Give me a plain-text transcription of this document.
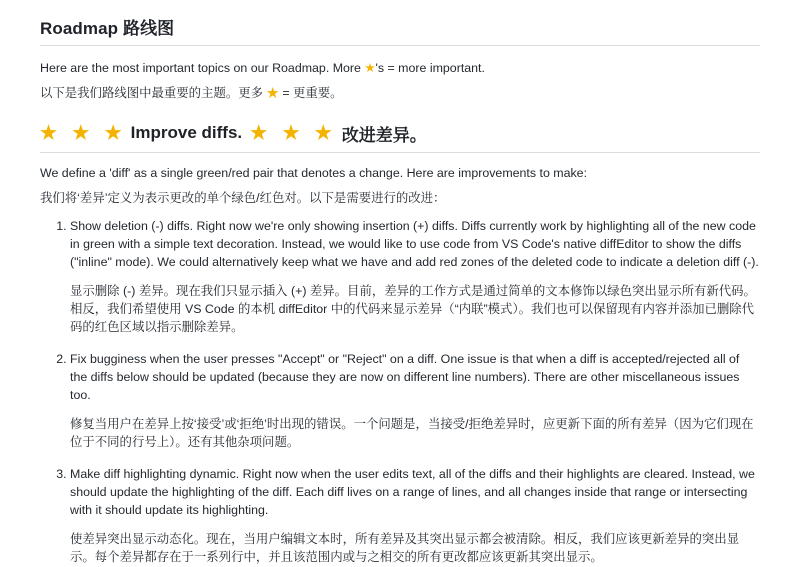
Roadmap 路线图

Here are the most important topics on our Roadmap. More ★'s = more important.

以下是我们路线图中最重要的主题。更多 ★ = 更重要。

★ ★ ★ Improve diffs. ★ ★ ★ 改进差异。

We define a 'diff' as a single green/red pair that denotes a change. Here are improvements to make:

我们将‘差异’定义为表示更改的单个绿色/红色对。以下是需要进行的改进：

1. Show deletion (-) diffs. Right now we're only showing insertion (+) diffs. Diffs currently work by highlighting all of the new code in green with a simple text decoration. Instead, we would like to use code from VS Code's native diffEditor to show the diffs ("inline" mode). We could alternatively keep what we have and add red zones of the deleted code to indicate a deletion diff (-).

显示删除 (-) 差异。现在我们只显示插入 (+) 差异。目前，差异的工作方式是通过简单的文本修饰以绿色突出显示所有新代码。相反，我们希望使用 VS Code 的本机 diffEditor 中的代码来显示差异（“内联”模式）。我们也可以保留现有内容并添加已删除代码的红色区域以指示删除差异。

2. Fix bugginess when the user presses "Accept" or "Reject" on a diff. One issue is that when a diff is accepted/rejected all of the diffs below should be updated (because they are now on different line numbers). There are other miscellaneous issues too.

修复当用户在差异上按‘接受’或‘拒绝’时出现的错误。一个问题是，当接受/拒绝差异时，应更新下面的所有差异（因为它们现在位于不同的行号上）。还有其他杂项问题。

3. Make diff highlighting dynamic. Right now when the user edits text, all of the diffs and their highlights are cleared. Instead, we should update the highlighting of the diff. Each diff lives on a range of lines, and all changes inside that range or intersecting with it should update its highlighting.

使差异突出显示动态化。现在，当用户编辑文本时，所有差异及其突出显示都会被清除。相反，我们应该更新差异的突出显示。每个差异都存在于一系列行中，并且该范围内或与之相交的所有更改都应该更新其突出显示。
